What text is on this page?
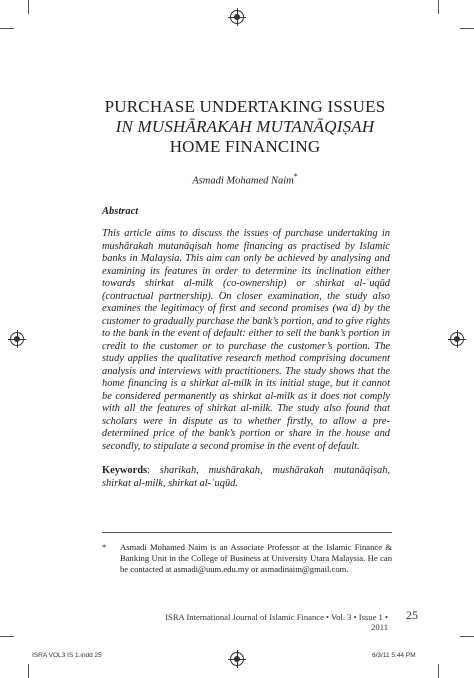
PURCHASE UNDERTAKING ISSUES
IN MUSHĀRAKAH MUTANĀQIṢAH
HOME FINANCING
Asmadi Mohamed Naim*
Abstract

This article aims to discuss the issues of purchase undertaking in mushārakah mutanāqiṣah home financing as practised by Islamic banks in Malaysia. This aim can only be achieved by analysing and examining its features in order to determine its inclination either towards shirkat al-milk (co-ownership) or shirkat al-ʿuqūd (contractual partnership). On closer examination, the study also examines the legitimacy of first and second promises (waʿd) by the customer to gradually purchase the bank’s portion, and to give rights to the bank in the event of default: either to sell the bank’s portion in credit to the customer or to purchase the customer’s portion. The study applies the qualitative research method comprising document analysis and interviews with practitioners. The study shows that the home financing is a shirkat al-milk in its initial stage, but it cannot be considered permanently as shirkat al-milk as it does not comply with all the features of shirkat al-milk. The study also found that scholars were in dispute as to whether firstly, to allow a pre-determined price of the bank’s portion or share in the house and secondly, to stipulate a second promise in the event of default.

Keywords: sharikah, mushārakah, mushārakah mutanāqiṣah, shirkat al-milk, shirkat al-ʿuqūd.
*	Asmadi Mohamed Naim is an Associate Professor at the Islamic Finance & Banking Unit in the College of Business at University Utara Malaysia. He can be contacted at asmadi@uum.edu.my or asmadinaim@gmail.com.
ISRA International Journal of Islamic Finance • Vol. 3 • Issue 1 • 2011
25
ISRA VOL3 IS 1.indd 25	6/3/11 5:44 PM
